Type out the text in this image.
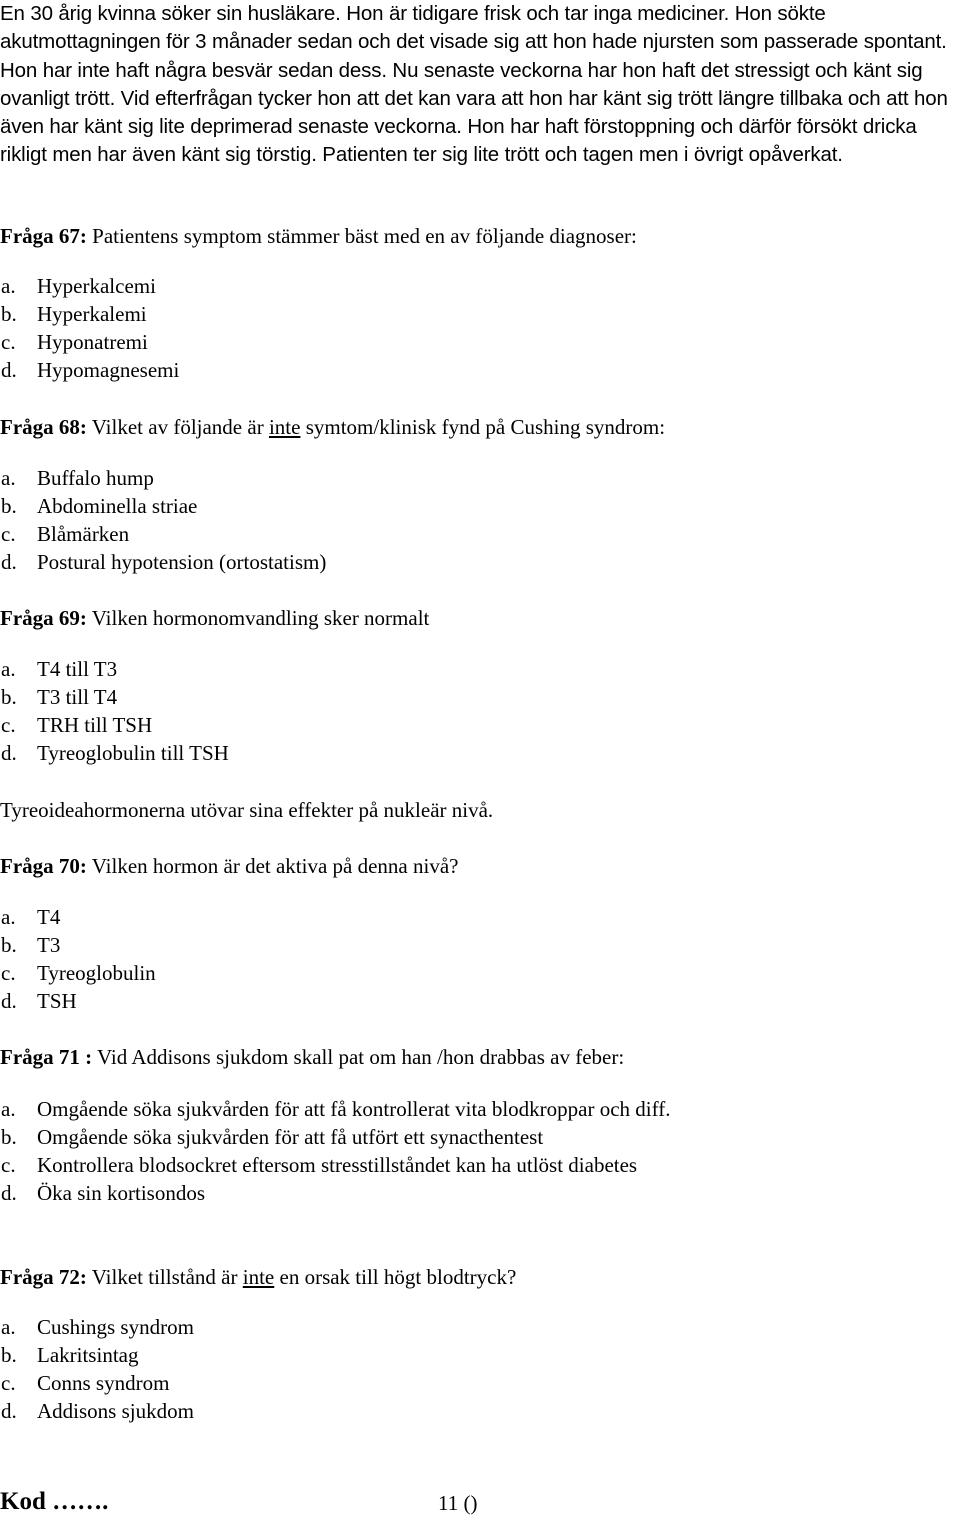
En 30 årig kvinna söker sin husläkare. Hon är tidigare frisk och tar inga mediciner. Hon sökte akutmottagningen för 3 månader sedan och det visade sig att hon hade njursten som passerade spontant. Hon har inte haft några besvär sedan dess. Nu senaste veckorna har hon haft det stressigt och känt sig ovanligt trött. Vid efterfrågan tycker hon att det kan vara att hon har känt sig trött längre tillbaka och att hon även har känt sig lite deprimerad senaste veckorna. Hon har haft förstoppning och därför försökt dricka rikligt men har även känt sig törstig. Patienten ter sig lite trött och tagen men i övrigt opåverkat.

Fråga 67: Patientens symptom stämmer bäst med en av följande diagnoser:

a. Hyperkalcemi
b. Hyperkalemi
c. Hyponatremi
d. Hypomagnesemi

Fråga 68: Vilket av följande är inte symtom/klinisk fynd på Cushing syndrom:

a. Buffalo hump
b. Abdominella striae
c. Blåmärken
d. Postural hypotension (ortostatism)

Fråga 69: Vilken hormonomvandling sker normalt

a. T4 till T3
b. T3 till T4
c. TRH till TSH
d. Tyreoglobulin till TSH

Tyreoideahormonerna utövar sina effekter på nukleär nivå.

Fråga 70: Vilken hormon är det aktiva på denna nivå?

a. T4
b. T3
c. Tyreoglobulin
d. TSH

Fråga 71 : Vid Addisons sjukdom skall pat om han /hon drabbas av feber:

a. Omgående söka sjukvården för att få kontrollerat vita blodkroppar och diff.
b. Omgående söka sjukvården för att få utfört ett synacthentest
c. Kontrollera blodsockret eftersom stresstillståndet kan ha utlöst diabetes
d. Öka sin kortisondos

Fråga 72: Vilket tillstånd är inte en orsak till högt blodtryck?

a. Cushings syndrom
b. Lakritsintag
c. Conns syndrom
d. Addisons sjukdom
Kod …….	11 ()
